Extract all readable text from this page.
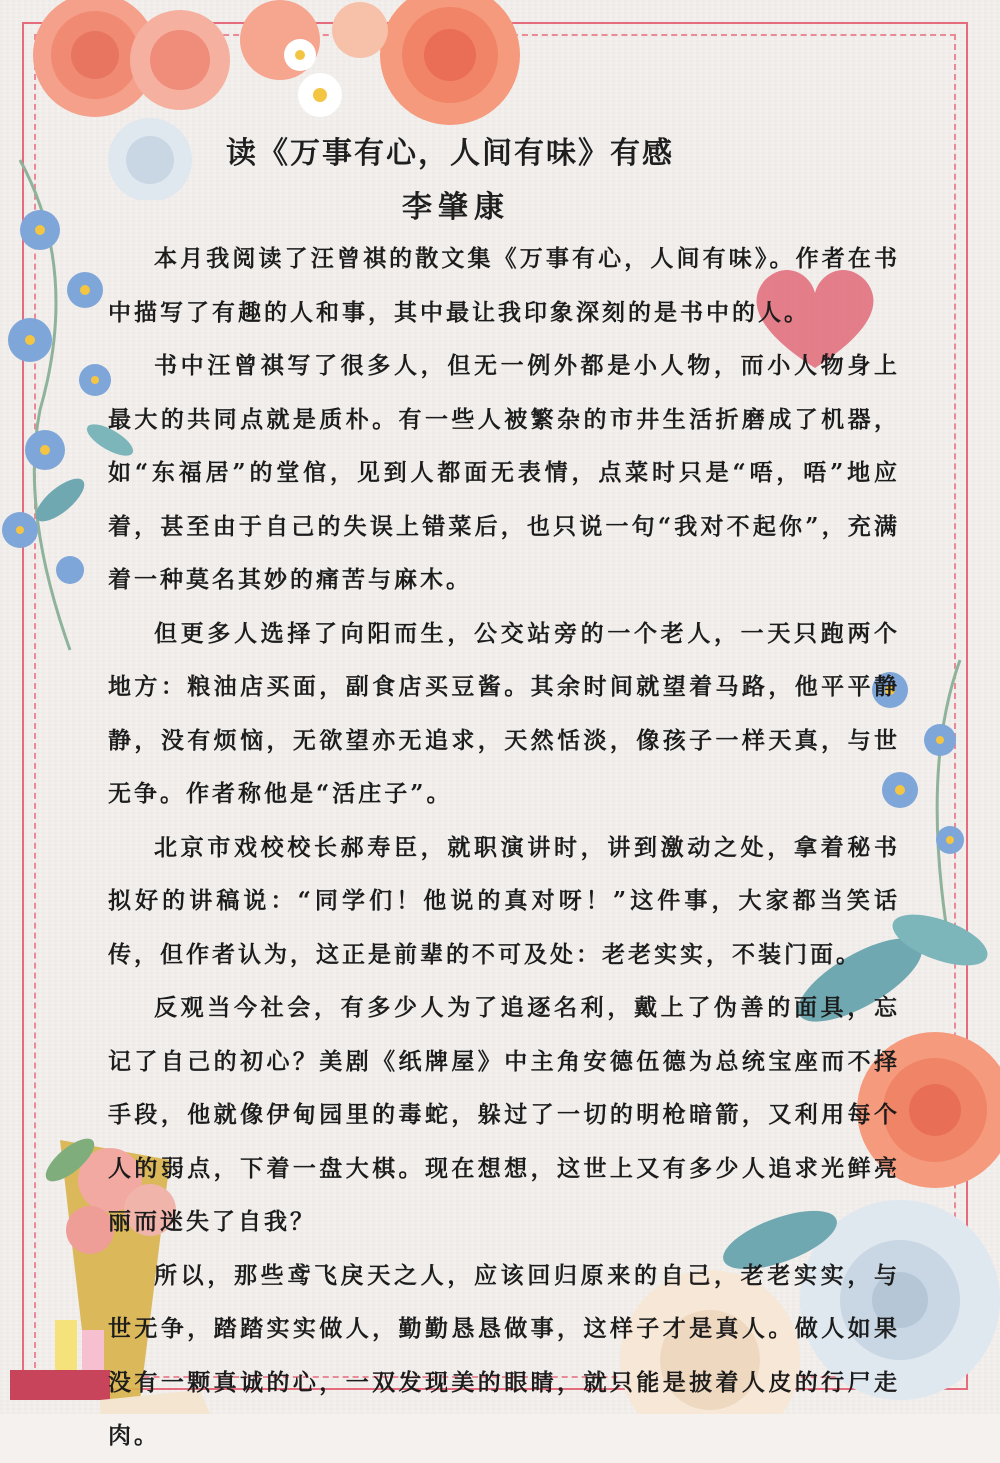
读《万事有心，人间有味》有感
李肇康

本月我阅读了汪曾祺的散文集《万事有心，人间有味》。作者在书中描写了有趣的人和事，其中最让我印象深刻的是书中的人。

书中汪曾祺写了很多人，但无一例外都是小人物，而小人物身上最大的共同点就是质朴。有一些人被繁杂的市井生活折磨成了机器，如“东福居”的堂倌，见到人都面无表情，点菜时只是“唔，唔”地应着，甚至由于自己的失误上错菜后，也只说一句“我对不起你”，充满着一种莫名其妙的痛苦与麻木。

但更多人选择了向阳而生，公交站旁的一个老人，一天只跑两个地方：粮油店买面，副食店买豆酱。其余时间就望着马路，他平平静静，没有烦恼，无欲望亦无追求，天然恬淡，像孩子一样天真，与世无争。作者称他是“活庄子”。

北京市戏校校长郝寿臣，就职演讲时，讲到激动之处，拿着秘书拟好的讲稿说：“同学们！他说的真对呀！”这件事，大家都当笑话传，但作者认为，这正是前辈的不可及处：老老实实，不装门面。

反观当今社会，有多少人为了追逐名利，戴上了伪善的面具，忘记了自己的初心？美剧《纸牌屋》中主角安德伍德为总统宝座而不择手段，他就像伊甸园里的毒蛇，躲过了一切的明枪暗箭，又利用每个人的弱点，下着一盘大棋。现在想想，这世上又有多少人追求光鲜亮丽而迷失了自我？

所以，那些鸢飞戾天之人，应该回归原来的自己，老老实实，与世无争，踏踏实实做人，勤勤恳恳做事，这样子才是真人。做人如果没有一颗真诚的心，一双发现美的眼睛，就只能是披着人皮的行尸走肉。
